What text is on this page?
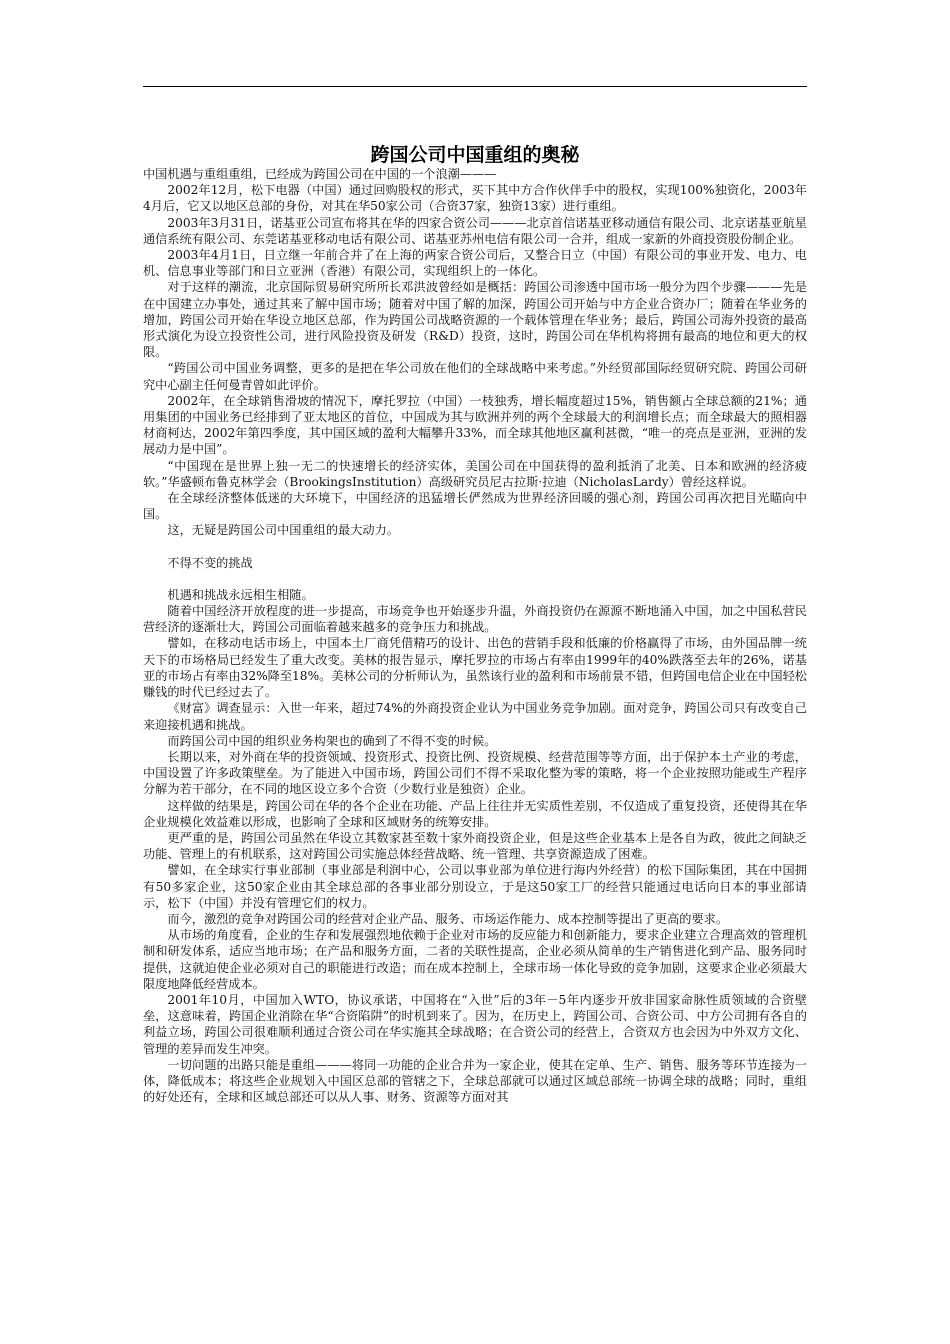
跨国公司中国重组的奥秘

中国机遇与重组重组，已经成为跨国公司在中国的一个浪潮———

2002年12月，松下电器（中国）通过回购股权的形式，买下其中方合作伙伴手中的股权，实现100%独资化，2003年4月后，它又以地区总部的身份，对其在华50家公司（合资37家，独资13家）进行重组。

2003年3月31日，诺基亚公司宣布将其在华的四家合资公司———北京首信诺基亚移动通信有限公司、北京诺基亚航星通信系统有限公司、东莞诺基亚移动电话有限公司、诺基亚苏州电信有限公司一合并，组成一家新的外商投资股份制企业。

2003年4月1日，日立继一年前合并了在上海的两家合资公司后，又整合日立（中国）有限公司的事业开发、电力、电机、信息事业等部门和日立亚洲（香港）有限公司，实现组织上的一体化。

对于这样的潮流，北京国际贸易研究所所长邓洪波曾经如是概括：跨国公司渗透中国市场一般分为四个步骤———先是在中国建立办事处，通过其来了解中国市场；随着对中国了解的加深，跨国公司开始与中方企业合资办厂；随着在华业务的增加，跨国公司开始在华设立地区总部，作为跨国公司战略资源的一个载体管理在华业务；最后，跨国公司海外投资的最高形式演化为设立投资性公司，进行风险投资及研发（R&D）投资，这时，跨国公司在华机构将拥有最高的地位和更大的权限。

“跨国公司中国业务调整，更多的是把在华公司放在他们的全球战略中来考虑。”外经贸部国际经贸研究院、跨国公司研究中心副主任何曼青曾如此评价。

2002年，在全球销售滑坡的情况下，摩托罗拉（中国）一枝独秀，增长幅度超过15%，销售额占全球总额的21%；通用集团的中国业务已经排到了亚太地区的首位，中国成为其与欧洲并列的两个全球最大的利润增长点；而全球最大的照相器材商柯达，2002年第四季度，其中国区域的盈利大幅攀升33%，而全球其他地区赢利甚微，“唯一的亮点是亚洲，亚洲的发展动力是中国”。

“中国现在是世界上独一无二的快速增长的经济实体，美国公司在中国获得的盈利抵消了北美、日本和欧洲的经济疲软。”华盛顿布鲁克林学会（BrookingsInstitution）高级研究员尼古拉斯·拉迪（NicholasLardy）曾经这样说。

在全球经济整体低迷的大环境下，中国经济的迅猛增长俨然成为世界经济回暖的强心剂，跨国公司再次把目光瞄向中国。

这，无疑是跨国公司中国重组的最大动力。

不得不变的挑战

机遇和挑战永远相生相随。

随着中国经济开放程度的进一步提高，市场竞争也开始逐步升温，外商投资仍在源源不断地涌入中国，加之中国私营民营经济的逐渐壮大，跨国公司面临着越来越多的竞争压力和挑战。

譬如，在移动电话市场上，中国本土厂商凭借精巧的设计、出色的营销手段和低廉的价格赢得了市场，由外国品牌一统天下的市场格局已经发生了重大改变。美林的报告显示，摩托罗拉的市场占有率由1999年的40%跌落至去年的26%，诺基亚的市场占有率由32%降至18%。美林公司的分析师认为，虽然该行业的盈利和市场前景不错，但跨国电信企业在中国轻松赚钱的时代已经过去了。

《财富》调查显示：入世一年来，超过74%的外商投资企业认为中国业务竞争加剧。面对竞争，跨国公司只有改变自己来迎接机遇和挑战。

而跨国公司中国的组织业务构架也的确到了不得不变的时候。

长期以来，对外商在华的投资领域、投资形式、投资比例、投资规模、经营范围等等方面，出于保护本土产业的考虑，中国设置了许多政策壁垒。为了能进入中国市场，跨国公司们不得不采取化整为零的策略，将一个企业按照功能或生产程序分解为若干部分，在不同的地区设立多个合资（少数行业是独资）企业。

这样做的结果是，跨国公司在华的各个企业在功能、产品上往往并无实质性差别，不仅造成了重复投资，还使得其在华企业规模化效益难以形成，也影响了全球和区域财务的统筹安排。

更严重的是，跨国公司虽然在华设立其数家甚至数十家外商投资企业，但是这些企业基本上是各自为政，彼此之间缺乏功能、管理上的有机联系，这对跨国公司实施总体经营战略、统一管理、共享资源造成了困难。

譬如，在全球实行事业部制（事业部是利润中心，公司以事业部为单位进行海内外经营）的松下国际集团，其在中国拥有50多家企业，这50家企业由其全球总部的各事业部分别设立，于是这50家工厂的经营只能通过电话向日本的事业部请示，松下（中国）并没有管理它们的权力。

而今，激烈的竞争对跨国公司的经营对企业产品、服务、市场运作能力、成本控制等提出了更高的要求。

从市场的角度看，企业的生存和发展强烈地依赖于企业对市场的反应能力和创新能力，要求企业建立合理高效的管理机制和研发体系，适应当地市场；在产品和服务方面，二者的关联性提高，企业必须从简单的生产销售进化到产品、服务同时提供，这就迫使企业必须对自己的职能进行改造；而在成本控制上，全球市场一体化导致的竞争加剧，这要求企业必须最大限度地降低经营成本。

2001年10月，中国加入WTO，协议承诺，中国将在“入世”后的3年－5年内逐步开放非国家命脉性质领域的合资壁垒，这意味着，跨国企业消除在华“合资陷阱”的时机到来了。因为，在历史上，跨国公司、合资公司、中方公司拥有各自的利益立场，跨国公司很难顺利通过合资公司在华实施其全球战略；在合资公司的经营上，合资双方也会因为中外双方文化、管理的差异而发生冲突。

一切问题的出路只能是重组———将同一功能的企业合并为一家企业，使其在定单、生产、销售、服务等环节连接为一体，降低成本；将这些企业规划入中国区总部的管辖之下，全球总部就可以通过区域总部统一协调全球的战略；同时，重组的好处还有，全球和区域总部还可以从人事、财务、资源等方面对其
